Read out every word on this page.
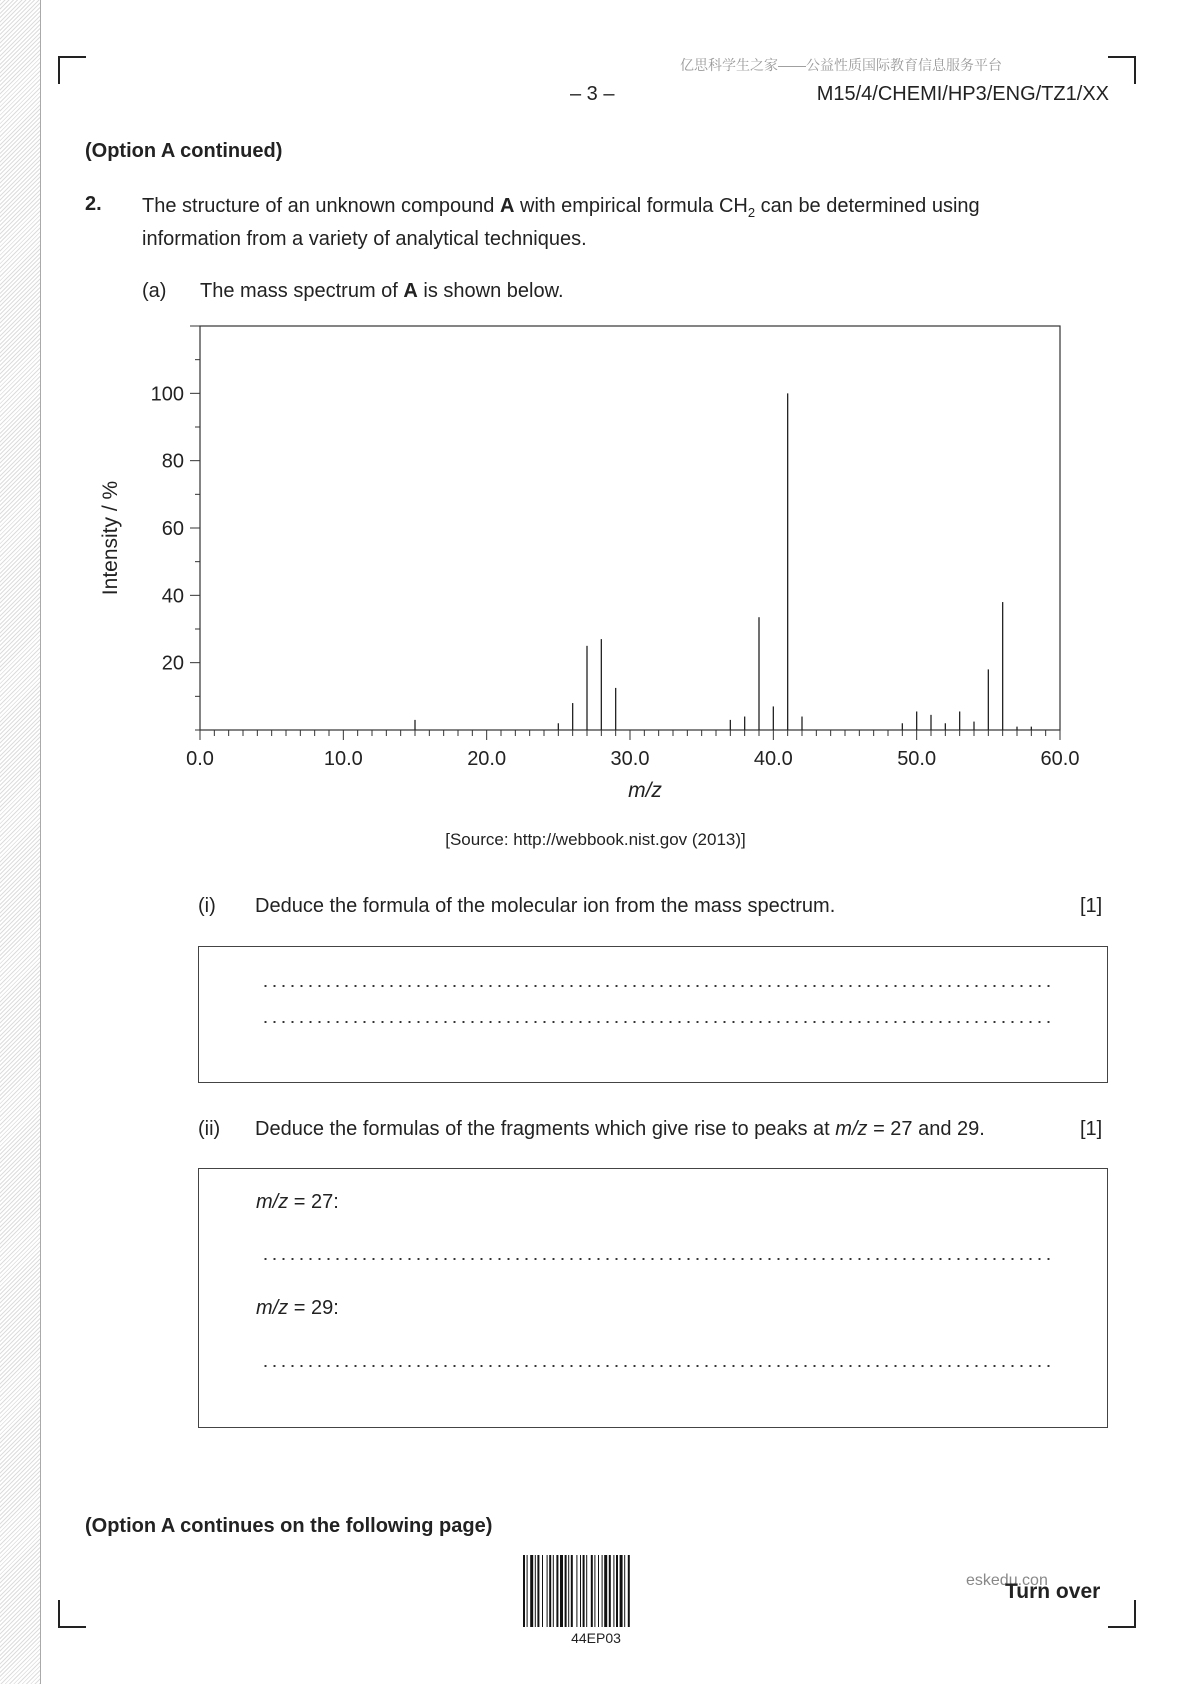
亿思科学生之家——公益性质国际教育信息服务平台
– 3 –	M15/4/CHEMI/HP3/ENG/TZ1/XX
(Option A continued)
2. The structure of an unknown compound A with empirical formula $CH_2$ can be determined using information from a variety of analytical techniques.
(a) The mass spectrum of A is shown below.
0.0	10.0	20.0	30.0	40.0	50.0	60.0
20
40
60
80
100
m/z
Intensity / %
[Source: http://webbook.nist.gov (2013)]
(i) Deduce the formula of the molecular ion from the mass spectrum.	[1]
(ii) Deduce the formulas of the fragments which give rise to peaks at m/z = 27 and 29.	[1]
m/z = 27:
m/z = 29:
(Option A continues on the following page)
44EP03
eskedu.con
Turn over
